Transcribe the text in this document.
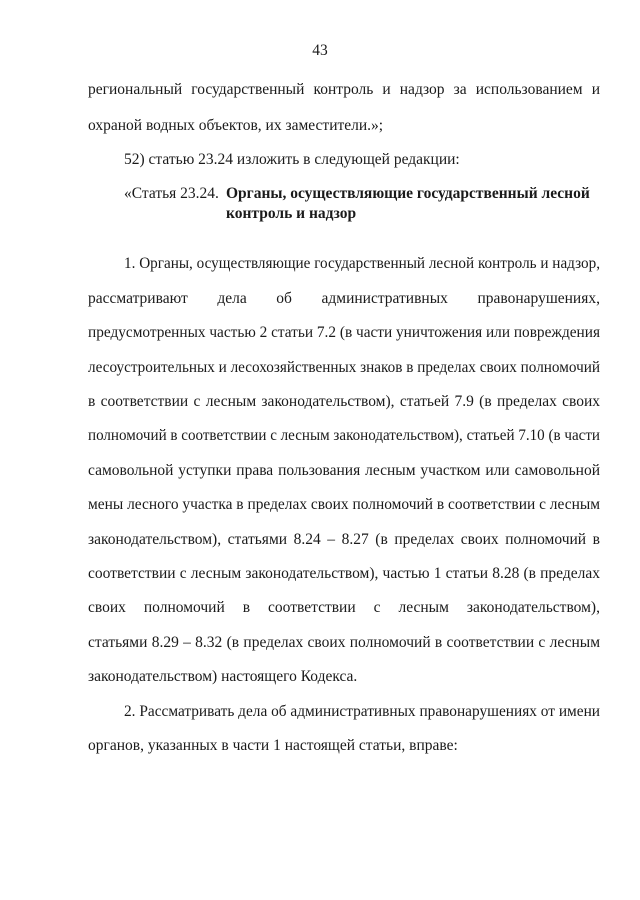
43
региональный государственный контроль и надзор за использованием и
охраной водных объектов, их заместители.»;
52) статью 23.24 изложить в следующей редакции:
«Статья 23.24. Органы, осуществляющие государственный лесной
контроль и надзор
1. Органы, осуществляющие государственный лесной контроль и надзор,
рассматривают дела об административных правонарушениях,
предусмотренных частью 2 статьи 7.2 (в части уничтожения или повреждения
лесоустроительных и лесохозяйственных знаков в пределах своих полномочий
в соответствии с лесным законодательством), статьей 7.9 (в пределах своих
полномочий в соответствии с лесным законодательством), статьей 7.10 (в части
самовольной уступки права пользования лесным участком или самовольной
мены лесного участка в пределах своих полномочий в соответствии с лесным
законодательством), статьями 8.24 – 8.27 (в пределах своих полномочий в
соответствии с лесным законодательством), частью 1 статьи 8.28 (в пределах
своих полномочий в соответствии с лесным законодательством),
статьями 8.29 – 8.32 (в пределах своих полномочий в соответствии с лесным
законодательством) настоящего Кодекса.
2. Рассматривать дела об административных правонарушениях от имени
органов, указанных в части 1 настоящей статьи, вправе:
